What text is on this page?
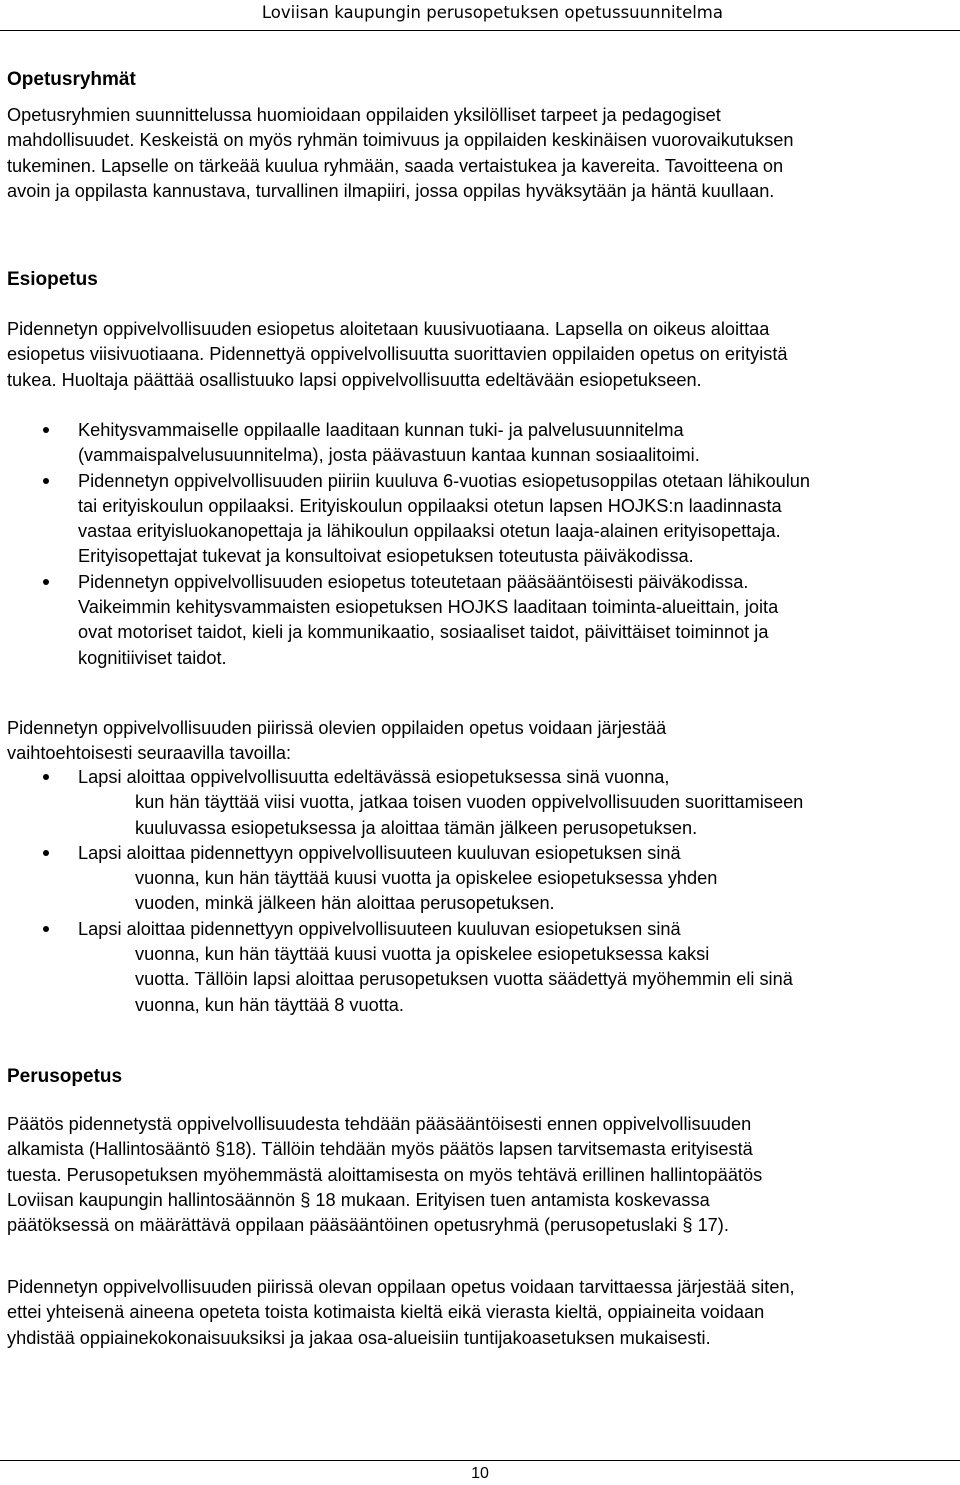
Loviisan kaupungin perusopetuksen opetussuunnitelma
Opetusryhmät

Opetusryhmien suunnittelussa huomioidaan oppilaiden yksilölliset tarpeet ja pedagogiset
mahdollisuudet. Keskeistä on myös ryhmän toimivuus ja oppilaiden keskinäisen vuorovaikutuksen
tukeminen. Lapselle on tärkeää kuulua ryhmään, saada vertaistukea ja kavereita. Tavoitteena on
avoin ja oppilasta kannustava, turvallinen ilmapiiri, jossa oppilas hyväksytään ja häntä kuullaan.

Esiopetus

Pidennetyn oppivelvollisuuden esiopetus aloitetaan kuusivuotiaana. Lapsella on oikeus aloittaa
esiopetus viisivuotiaana. Pidennettyä oppivelvollisuutta suorittavien oppilaiden opetus on erityistä
tukea. Huoltaja päättää osallistuuko lapsi oppivelvollisuutta edeltävään esiopetukseen.

Kehitysvammaiselle oppilaalle laaditaan kunnan tuki- ja palvelusuunnitelma
(vammaispalvelusuunnitelma), josta päävastuun kantaa kunnan sosiaalitoimi.
Pidennetyn oppivelvollisuuden piiriin kuuluva 6-vuotias esiopetusoppilas otetaan lähikoulun
tai erityiskoulun oppilaaksi. Erityiskoulun oppilaaksi otetun lapsen HOJKS:n laadinnasta
vastaa erityisluokanopettaja ja lähikoulun oppilaaksi otetun laaja-alainen erityisopettaja.
Erityisopettajat tukevat ja konsultoivat esiopetuksen toteutusta päiväkodissa.
Pidennetyn oppivelvollisuuden esiopetus toteutetaan pääsääntöisesti päiväkodissa.
Vaikeimmin kehitysvammaisten esiopetuksen HOJKS laaditaan toiminta-alueittain, joita
ovat motoriset taidot, kieli ja kommunikaatio, sosiaaliset taidot, päivittäiset toiminnot ja
kognitiiviset taidot.

Pidennetyn oppivelvollisuuden piirissä olevien oppilaiden opetus voidaan järjestää
vaihtoehtoisesti seuraavilla tavoilla:

Lapsi aloittaa oppivelvollisuutta edeltävässä esiopetuksessa sinä vuonna,
kun hän täyttää viisi vuotta, jatkaa toisen vuoden oppivelvollisuuden suorittamiseen
kuuluvassa esiopetuksessa ja aloittaa tämän jälkeen perusopetuksen.
Lapsi aloittaa pidennettyyn oppivelvollisuuteen kuuluvan esiopetuksen sinä
vuonna, kun hän täyttää kuusi vuotta ja opiskelee esiopetuksessa yhden
vuoden, minkä jälkeen hän aloittaa perusopetuksen.
Lapsi aloittaa pidennettyyn oppivelvollisuuteen kuuluvan esiopetuksen sinä
vuonna, kun hän täyttää kuusi vuotta ja opiskelee esiopetuksessa kaksi
vuotta. Tällöin lapsi aloittaa perusopetuksen vuotta säädettyä myöhemmin eli sinä
vuonna, kun hän täyttää 8 vuotta.
Perusopetus

Päätös pidennetystä oppivelvollisuudesta tehdään pääsääntöisesti ennen oppivelvollisuuden
alkamista (Hallintosääntö §18). Tällöin tehdään myös päätös lapsen tarvitsemasta erityisestä
tuesta. Perusopetuksen myöhemmästä aloittamisesta on myös tehtävä erillinen hallintopäätös
Loviisan kaupungin hallintosäännön § 18 mukaan. Erityisen tuen antamista koskevassa
päätöksessä on määrättävä oppilaan pääsääntöinen opetusryhmä (perusopetuslaki § 17).

Pidennetyn oppivelvollisuuden piirissä olevan oppilaan opetus voidaan tarvittaessa järjestää siten,
ettei yhteisenä aineena opeteta toista kotimaista kieltä eikä vierasta kieltä, oppiaineita voidaan
yhdistää oppiainekokonaisuuksiksi ja jakaa osa-alueisiin tuntijakoasetuksen mukaisesti.

10
